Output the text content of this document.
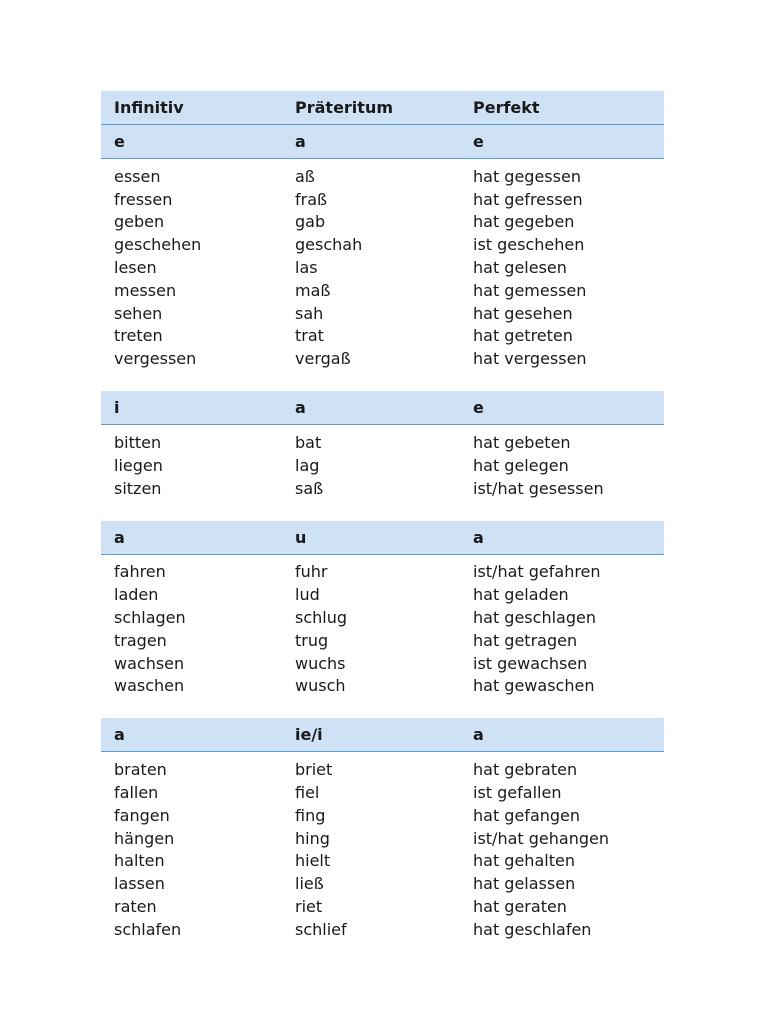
Infinitiv	Präteritum	Perfekt
e	a	e
essen	aß	hat gegessen
fressen	fraß	hat gefressen
geben	gab	hat gegeben
geschehen	geschah	ist geschehen
lesen	las	hat gelesen
messen	maß	hat gemessen
sehen	sah	hat gesehen
treten	trat	hat getreten
vergessen	vergaß	hat vergessen
i	a	e
bitten	bat	hat gebeten
liegen	lag	hat gelegen
sitzen	saß	ist/hat gesessen
a	u	a
fahren	fuhr	ist/hat gefahren
laden	lud	hat geladen
schlagen	schlug	hat geschlagen
tragen	trug	hat getragen
wachsen	wuchs	ist gewachsen
waschen	wusch	hat gewaschen
a	ie/i	a
braten	briet	hat gebraten
fallen	fiel	ist gefallen
fangen	fing	hat gefangen
hängen	hing	ist/hat gehangen
halten	hielt	hat gehalten
lassen	ließ	hat gelassen
raten	riet	hat geraten
schlafen	schlief	hat geschlafen
